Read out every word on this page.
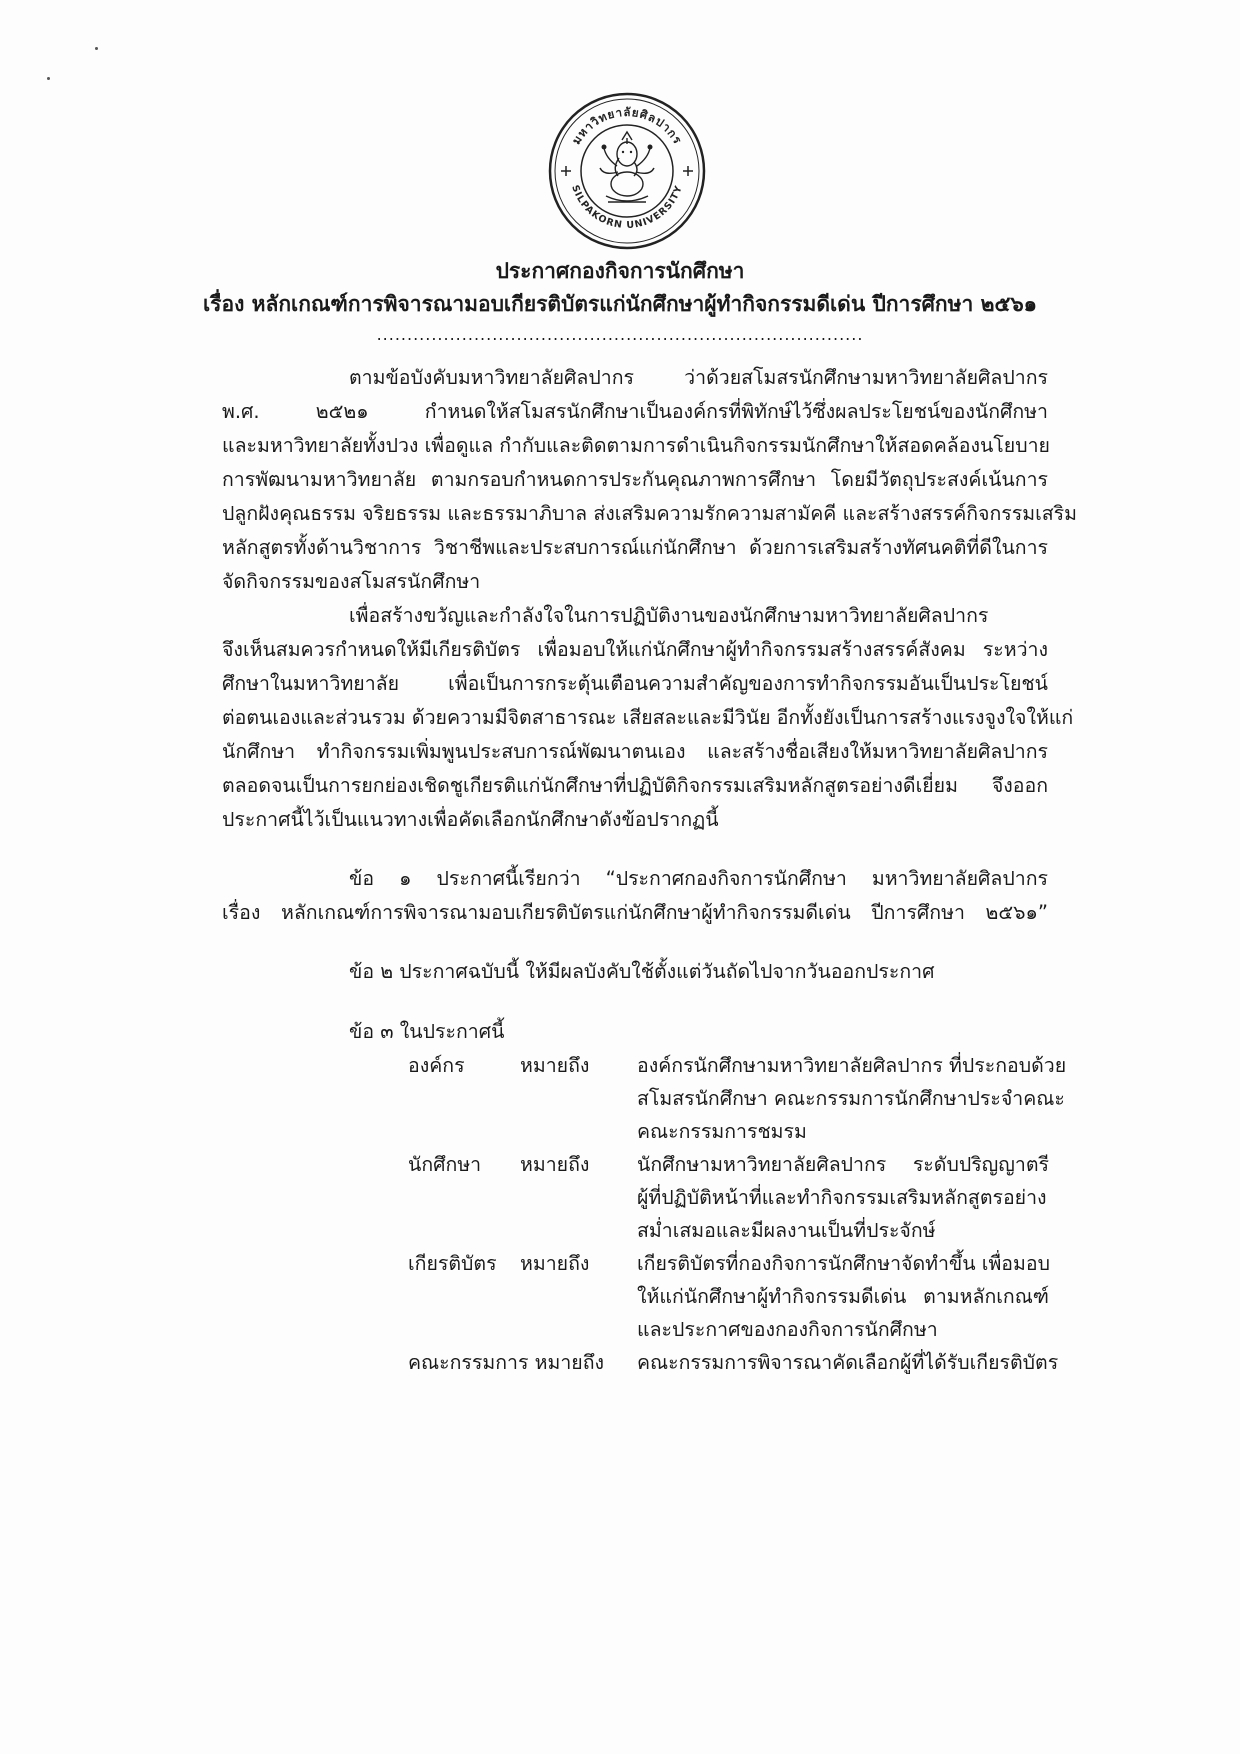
มหาวิทยาลัยศิลปากร
SILPAKORN UNIVERSITY
ประกาศกองกิจการนักศึกษา
เรื่อง หลักเกณฑ์การพิจารณามอบเกียรติบัตรแก่นักศึกษาผู้ทำกิจกรรมดีเด่น ปีการศึกษา ๒๕๖๑
................................................................................
ตามข้อบังคับมหาวิทยาลัยศิลปากร ว่าด้วยสโมสรนักศึกษามหาวิทยาลัยศิลปากร
พ.ศ. ๒๕๒๑ กำหนดให้สโมสรนักศึกษาเป็นองค์กรที่พิทักษ์ไว้ซึ่งผลประโยชน์ของนักศึกษา
และมหาวิทยาลัยทั้งปวง เพื่อดูแล กำกับและติดตามการดำเนินกิจกรรมนักศึกษาให้สอดคล้องนโยบาย
การพัฒนามหาวิทยาลัย ตามกรอบกำหนดการประกันคุณภาพการศึกษา โดยมีวัตถุประสงค์เน้นการ
ปลูกฝังคุณธรรม จริยธรรม และธรรมาภิบาล ส่งเสริมความรักความสามัคคี และสร้างสรรค์กิจกรรมเสริม
หลักสูตรทั้งด้านวิชาการ วิชาชีพและประสบการณ์แก่นักศึกษา ด้วยการเสริมสร้างทัศนคติที่ดีในการ
จัดกิจกรรมของสโมสรนักศึกษา
เพื่อสร้างขวัญและกำลังใจในการปฏิบัติงานของนักศึกษามหาวิทยาลัยศิลปากร
จึงเห็นสมควรกำหนดให้มีเกียรติบัตร เพื่อมอบให้แก่นักศึกษาผู้ทำกิจกรรมสร้างสรรค์สังคม ระหว่าง
ศึกษาในมหาวิทยาลัย เพื่อเป็นการกระตุ้นเตือนความสำคัญของการทำกิจกรรมอันเป็นประโยชน์
ต่อตนเองและส่วนรวม ด้วยความมีจิตสาธารณะ เสียสละและมีวินัย อีกทั้งยังเป็นการสร้างแรงจูงใจให้แก่
นักศึกษา ทำกิจกรรมเพิ่มพูนประสบการณ์พัฒนาตนเอง และสร้างชื่อเสียงให้มหาวิทยาลัยศิลปากร
ตลอดจนเป็นการยกย่องเชิดชูเกียรติแก่นักศึกษาที่ปฏิบัติกิจกรรมเสริมหลักสูตรอย่างดีเยี่ยม จึงออก
ประกาศนี้ไว้เป็นแนวทางเพื่อคัดเลือกนักศึกษาดังข้อปรากฏนี้
ข้อ ๑ ประกาศนี้เรียกว่า “ประกาศกองกิจการนักศึกษา มหาวิทยาลัยศิลปากร
เรื่อง หลักเกณฑ์การพิจารณามอบเกียรติบัตรแก่นักศึกษาผู้ทำกิจกรรมดีเด่น ปีการศึกษา ๒๕๖๑”
ข้อ ๒ ประกาศฉบับนี้ ให้มีผลบังคับใช้ตั้งแต่วันถัดไปจากวันออกประกาศ
ข้อ ๓ ในประกาศนี้
องค์กร	หมายถึง องค์กรนักศึกษามหาวิทยาลัยศิลปากร ที่ประกอบด้วย
สโมสรนักศึกษา คณะกรรมการนักศึกษาประจำคณะ
คณะกรรมการชมรม
นักศึกษา หมายถึง นักศึกษามหาวิทยาลัยศิลปากร ระดับปริญญาตรี
ผู้ที่ปฏิบัติหน้าที่และทำกิจกรรมเสริมหลักสูตรอย่าง
สม่ำเสมอและมีผลงานเป็นที่ประจักษ์
เกียรติบัตร หมายถึง เกียรติบัตรที่กองกิจการนักศึกษาจัดทำขึ้น เพื่อมอบ
ให้แก่นักศึกษาผู้ทำกิจกรรมดีเด่น ตามหลักเกณฑ์
และประกาศของกองกิจการนักศึกษา
คณะกรรมการ หมายถึง คณะกรรมการพิจารณาคัดเลือกผู้ที่ได้รับเกียรติบัตร
